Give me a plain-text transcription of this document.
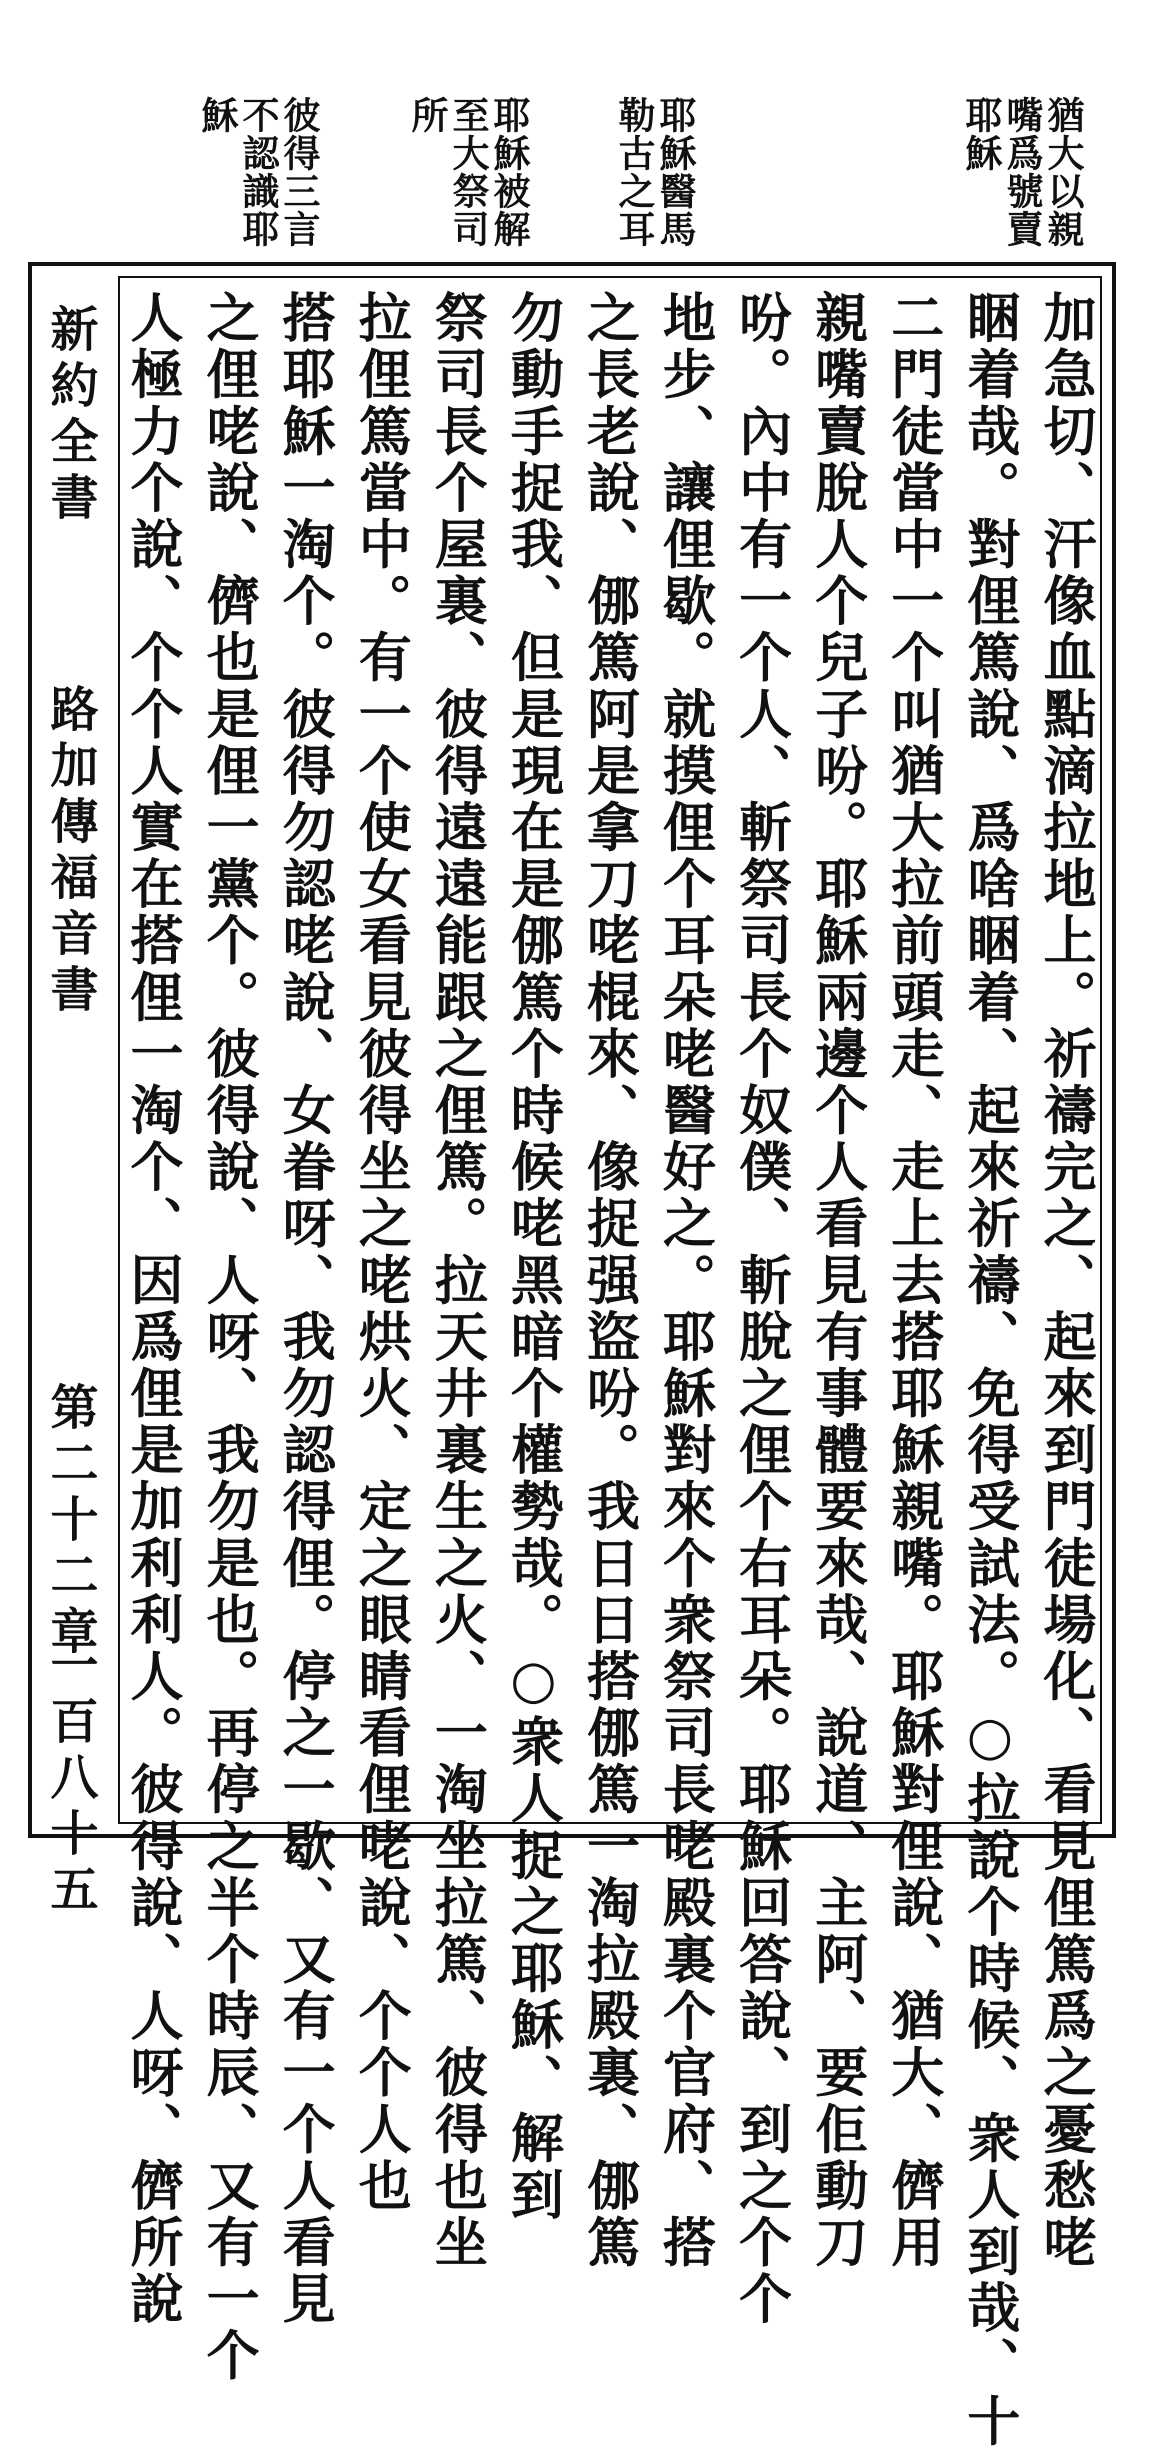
猶大以親
嘴爲號賣
耶穌
耶穌醫馬
勒古之耳
耶穌被解
至大祭司
所
彼得三言
不認識耶
穌
新約全書
路加傳福音書
第二十二章
一百八十五	加急切、汗像血點滴拉地上。祈禱完之、起來到門徒場化、看見俚篤爲之憂愁咾
睏着哉。對俚篤說、爲啥睏着、起來祈禱、免得受試法。○拉說个時候、衆人到哉、十
二門徒當中一个叫猶大拉前頭走、走上去搭耶穌親嘴。耶穌對俚說、猶大、儕用
親嘴賣脫人个兒子吩。耶穌兩邊个人看見有事體要來哉、說道、主阿、要佢動刀
吩。內中有一个人、斬祭司長个奴僕、斬脫之俚个右耳朵。耶穌回答說、到之个个
地步、讓俚歇。就摸俚个耳朵咾醫好之。耶穌對來个衆祭司長咾殿裏个官府、搭
之長老說、㑚篤阿是拿刀咾棍來、像捉强盜吩。我日日搭㑚篤一淘拉殿裏、㑚篤
勿動手捉我、但是現在是㑚篤个時候咾黑暗个權勢哉。○衆人捉之耶穌、解到
祭司長个屋裏、彼得遠遠能跟之俚篤。拉天井裏生之火、一淘坐拉篤、彼得也坐
拉俚篤當中。有一个使女看見彼得坐之咾烘火、定之眼睛看俚咾說、个个人也
搭耶穌一淘个。彼得勿認咾說、女眷呀、我勿認得俚。停之一歇、又有一个人看見
之俚咾說、儕也是俚一黨个。彼得說、人呀、我勿是也。再停之半个時辰、又有一个
人極力个說、个个人實在搭俚一淘个、因爲俚是加利利人。彼得說、人呀、儕所說
